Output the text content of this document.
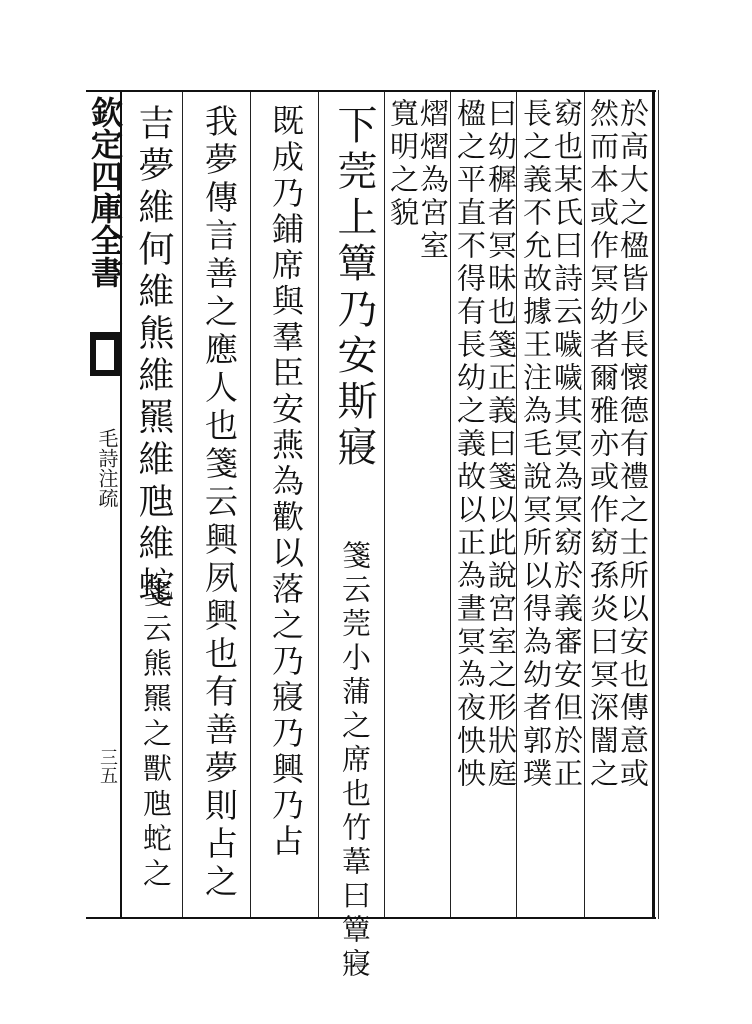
欽定四庫全書
毛詩注疏
三五	於高大之楹皆少長懷德有禮之士所以安也傳意或
然而本或作冥幼者爾雅亦或作窈孫炎曰冥深闇之
窈也某氏曰詩云噦噦其冥為冥窈於義審安但於正
長之義不允故據王注為毛說冥所以得為幼者郭璞
曰幼穉者冥昧也箋正義曰箋以此說宮室之形狀庭
楹之平直不得有長幼之義故以正為晝冥為夜怏怏
熠熠為宮室
寬明之貌
下莞上簟乃安斯寢
箋云莞小蒲之席也竹葦曰簟寢
既成乃鋪席與羣臣安燕為歡以落之乃寢乃興乃占
我夢傳言善之應人也箋云興夙興也有善夢則占之
吉夢維何維熊維羆維虺維蛇
箋云熊羆之獸虺蛇之
